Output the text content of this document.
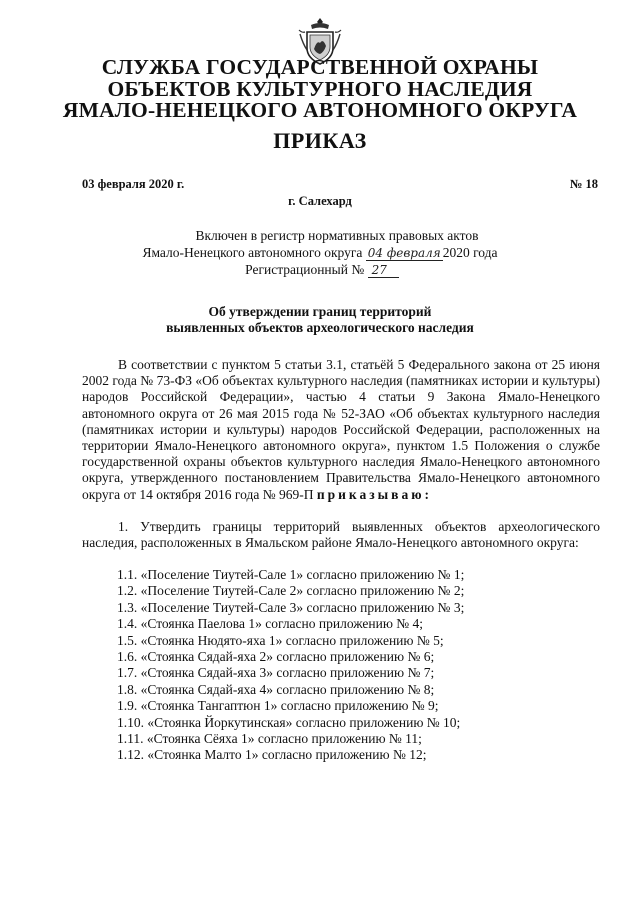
СЛУЖБА ГОСУДАРСТВЕННОЙ ОХРАНЫ
ОБЪЕКТОВ КУЛЬТУРНОГО НАСЛЕДИЯ
ЯМАЛО-НЕНЕЦКОГО АВТОНОМНОГО ОКРУГА
ПРИКАЗ
03 февраля 2020 г.	№ 18
г. Салехард
Включен в регистр нормативных правовых актов
Ямало-Ненецкого автономного округа 04 февраля 2020 года
Регистрационный № 27
Об утверждении границ территорий
выявленных объектов археологического наследия

В соответствии с пунктом 5 статьи 3.1, статьёй 5 Федерального закона от 25 июня 2002 года № 73-ФЗ «Об объектах культурного наследия (памятниках истории и культуры) народов Российской Федерации», частью 4 статьи 9 Закона Ямало-Ненецкого автономного округа от 26 мая 2015 года № 52-ЗАО «Об объектах культурного наследия (памятниках истории и культуры) народов Российской Федерации, расположенных на территории Ямало-Ненецкого автономного округа», пунктом 1.5 Положения о службе государственной охраны объектов культурного наследия Ямало-Ненецкого автономного округа, утвержденного постановлением Правительства Ямало-Ненецкого автономного округа от 14 октября 2016 года № 969-П приказываю:

1. Утвердить границы территорий выявленных объектов археологического наследия, расположенных в Ямальском районе Ямало-Ненецкого автономного округа:

1.1. «Поселение Тиутей-Сале 1» согласно приложению № 1;
1.2. «Поселение Тиутей-Сале 2» согласно приложению № 2;
1.3. «Поселение Тиутей-Сале 3» согласно приложению № 3;
1.4. «Стоянка Паелова 1» согласно приложению № 4;
1.5. «Стоянка Нюдято-яха 1» согласно приложению № 5;
1.6. «Стоянка Сядай-яха 2» согласно приложению № 6;
1.7. «Стоянка Сядай-яха 3» согласно приложению № 7;
1.8. «Стоянка Сядай-яха 4» согласно приложению № 8;
1.9. «Стоянка Тангаптюн 1» согласно приложению № 9;
1.10. «Стоянка Йоркутинская» согласно приложению № 10;
1.11. «Стоянка Сёяха 1» согласно приложению № 11;
1.12. «Стоянка Малто 1» согласно приложению № 12;
